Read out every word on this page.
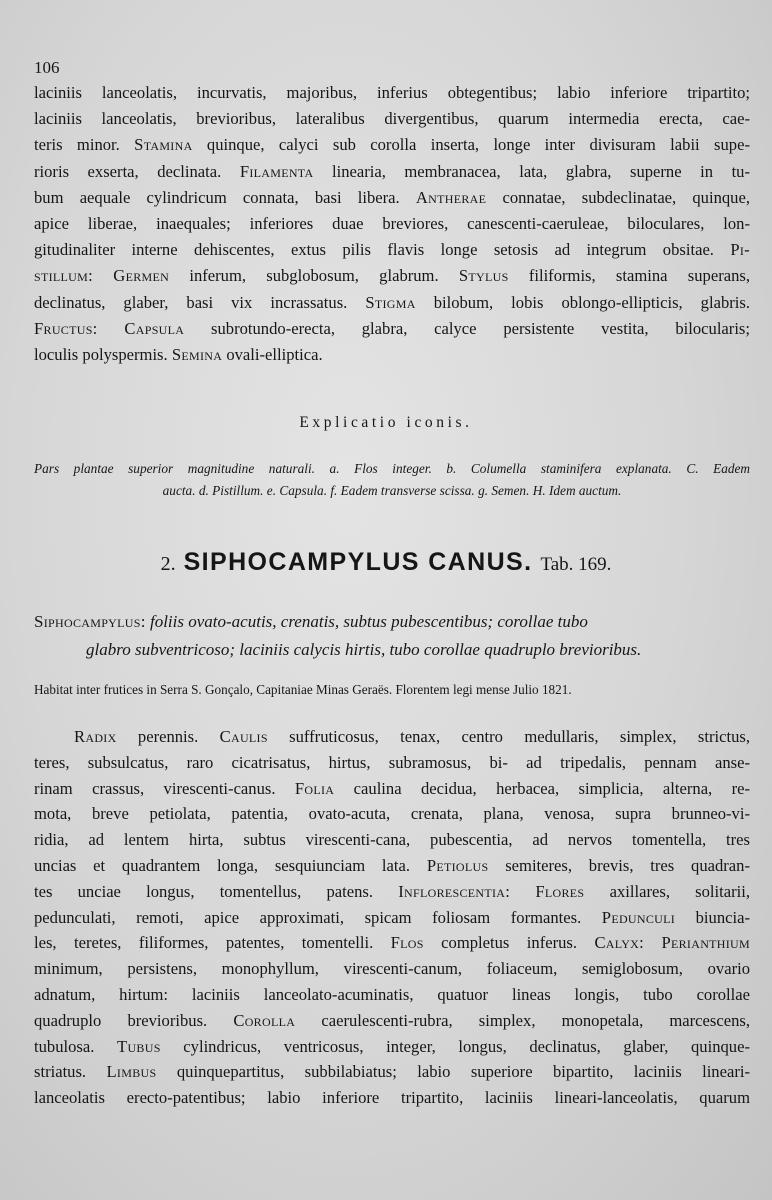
106
laciniis lanceolatis, incurvatis, majoribus, inferius obtegentibus; labio inferiore tripartito;
laciniis lanceolatis, brevioribus, lateralibus divergentibus, quarum intermedia erecta, cae-
teris minor. Stamina quinque, calyci sub corolla inserta, longe inter divisuram labii supe-
rioris exserta, declinata. Filamenta linearia, membranacea, lata, glabra, superne in tu-
bum aequale cylindricum connata, basi libera. Antherae connatae, subdeclinatae, quinque,
apice liberae, inaequales; inferiores duae breviores, canescenti-caeruleae, biloculares, lon-
gitudinaliter interne dehiscentes, extus pilis flavis longe setosis ad integrum obsitae. Pi-
stillum: Germen inferum, subglobosum, glabrum. Stylus filiformis, stamina superans,
declinatus, glaber, basi vix incrassatus. Stigma bilobum, lobis oblongo-ellipticis, glabris.
Fructus: Capsula subrotundo-erecta, glabra, calyce persistente vestita, bilocularis;
loculis polyspermis. Semina ovali-elliptica.
Explicatio iconis.
Pars plantae superior magnitudine naturali. a. Flos integer. b. Columella staminifera explanata. C. Eadem
aucta. d. Pistillum. e. Capsula. f. Eadem transverse scissa. g. Semen. H. Idem auctum.
2. SIPHOCAMPYLUS CANUS. Tab. 169.
Siphocampylus: foliis ovato-acutis, crenatis, subtus pubescentibus; corollae tubo
glabro subventricoso; laciniis calycis hirtis, tubo corollae quadruplo brevioribus.
Habitat inter frutices in Serra S. Gonçalo, Capitaniae Minas Geraës. Florentem legi mense Julio 1821.
Radix perennis. Caulis suffruticosus, tenax, centro medullaris, simplex, strictus,
teres, subsulcatus, raro cicatrisatus, hirtus, subramosus, bi- ad tripedalis, pennam anse-
rinam crassus, virescenti-canus. Folia caulina decidua, herbacea, simplicia, alterna, re-
mota, breve petiolata, patentia, ovato-acuta, crenata, plana, venosa, supra brunneo-vi-
ridia, ad lentem hirta, subtus virescenti-cana, pubescentia, ad nervos tomentella, tres
uncias et quadrantem longa, sesquiunciam lata. Petiolus semiteres, brevis, tres quadran-
tes unciae longus, tomentellus, patens. Inflorescentia: Flores axillares, solitarii,
pedunculati, remoti, apice approximati, spicam foliosam formantes. Pedunculi biuncia-
les, teretes, filiformes, patentes, tomentelli. Flos completus inferus. Calyx: Perianthium
minimum, persistens, monophyllum, virescenti-canum, foliaceum, semiglobosum, ovario
adnatum, hirtum: laciniis lanceolato-acuminatis, quatuor lineas longis, tubo corollae
quadruplo brevioribus. Corolla caerulescenti-rubra, simplex, monopetala, marcescens,
tubulosa. Tubus cylindricus, ventricosus, integer, longus, declinatus, glaber, quinque-
striatus. Limbus quinquepartitus, subbilabiatus; labio superiore bipartito, laciniis lineari-
lanceolatis erecto-patentibus; labio inferiore tripartito, laciniis lineari-lanceolatis, quarum
